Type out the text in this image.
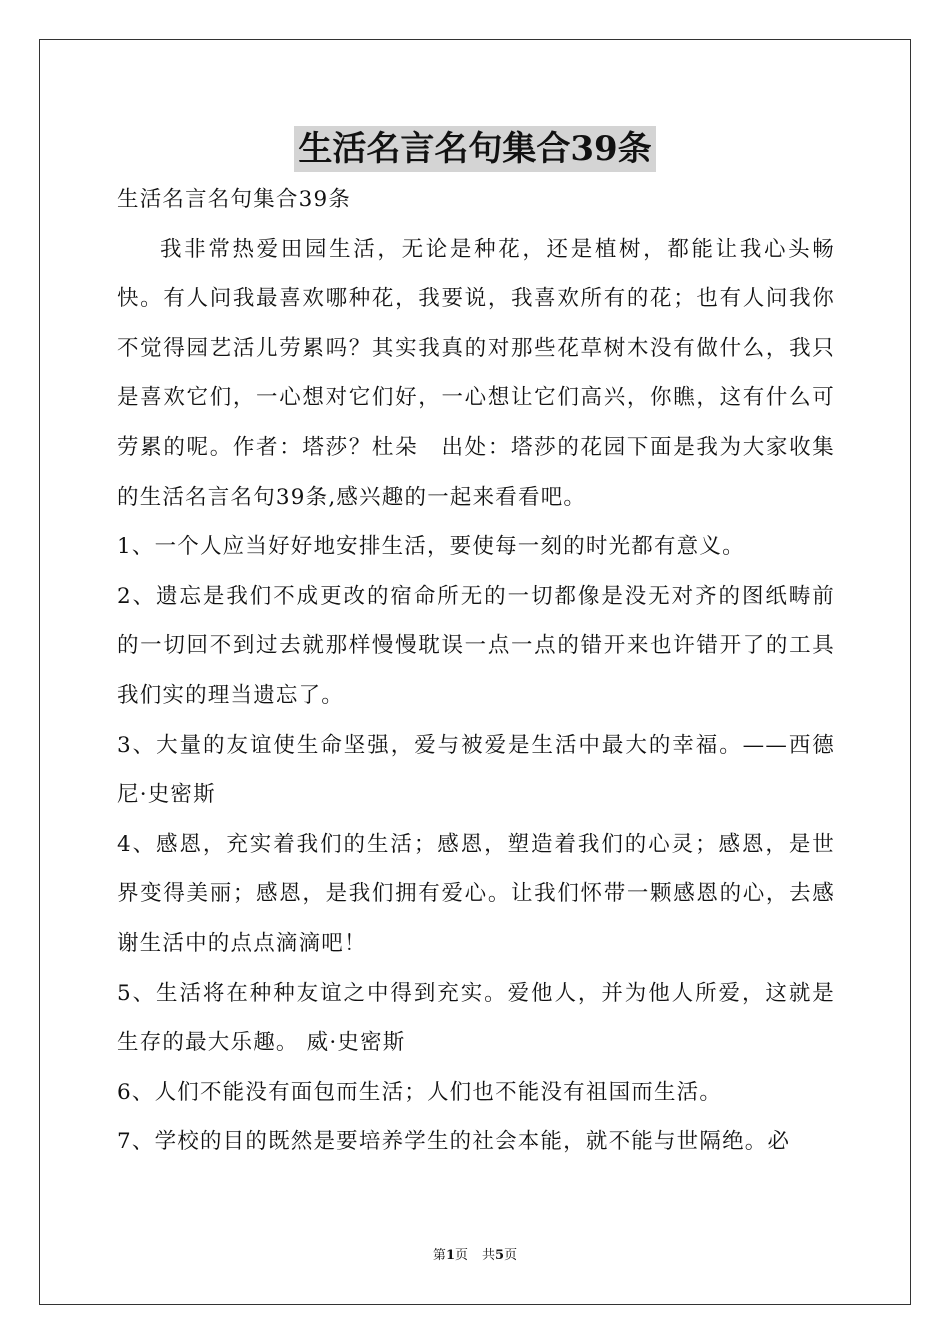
生活名言名句集合39条

生活名言名句集合39条

我非常热爱田园生活，无论是种花，还是植树，都能让我心头畅快。有人问我最喜欢哪种花，我要说，我喜欢所有的花；也有人问我你不觉得园艺活儿劳累吗？其实我真的对那些花草树木没有做什么，我只是喜欢它们，一心想对它们好，一心想让它们高兴，你瞧，这有什么可劳累的呢。作者：塔莎？杜朵　出处：塔莎的花园下面是我为大家收集的生活名言名句39条,感兴趣的一起来看看吧。

1、一个人应当好好地安排生活，要使每一刻的时光都有意义。

2、遗忘是我们不成更改的宿命所无的一切都像是没无对齐的图纸畴前的一切回不到过去就那样慢慢耽误一点一点的错开来也许错开了的工具我们实的理当遗忘了。

3、大量的友谊使生命坚强，爱与被爱是生活中最大的幸福。——西德尼·史密斯

4、感恩，充实着我们的生活；感恩，塑造着我们的心灵；感恩，是世界变得美丽；感恩，是我们拥有爱心。让我们怀带一颗感恩的心，去感谢生活中的点点滴滴吧！

5、生活将在种种友谊之中得到充实。爱他人，并为他人所爱，这就是生存的最大乐趣。 威·史密斯

6、人们不能没有面包而生活；人们也不能没有祖国而生活。

7、学校的目的既然是要培养学生的社会本能，就不能与世隔绝。必

第1页 共5页
